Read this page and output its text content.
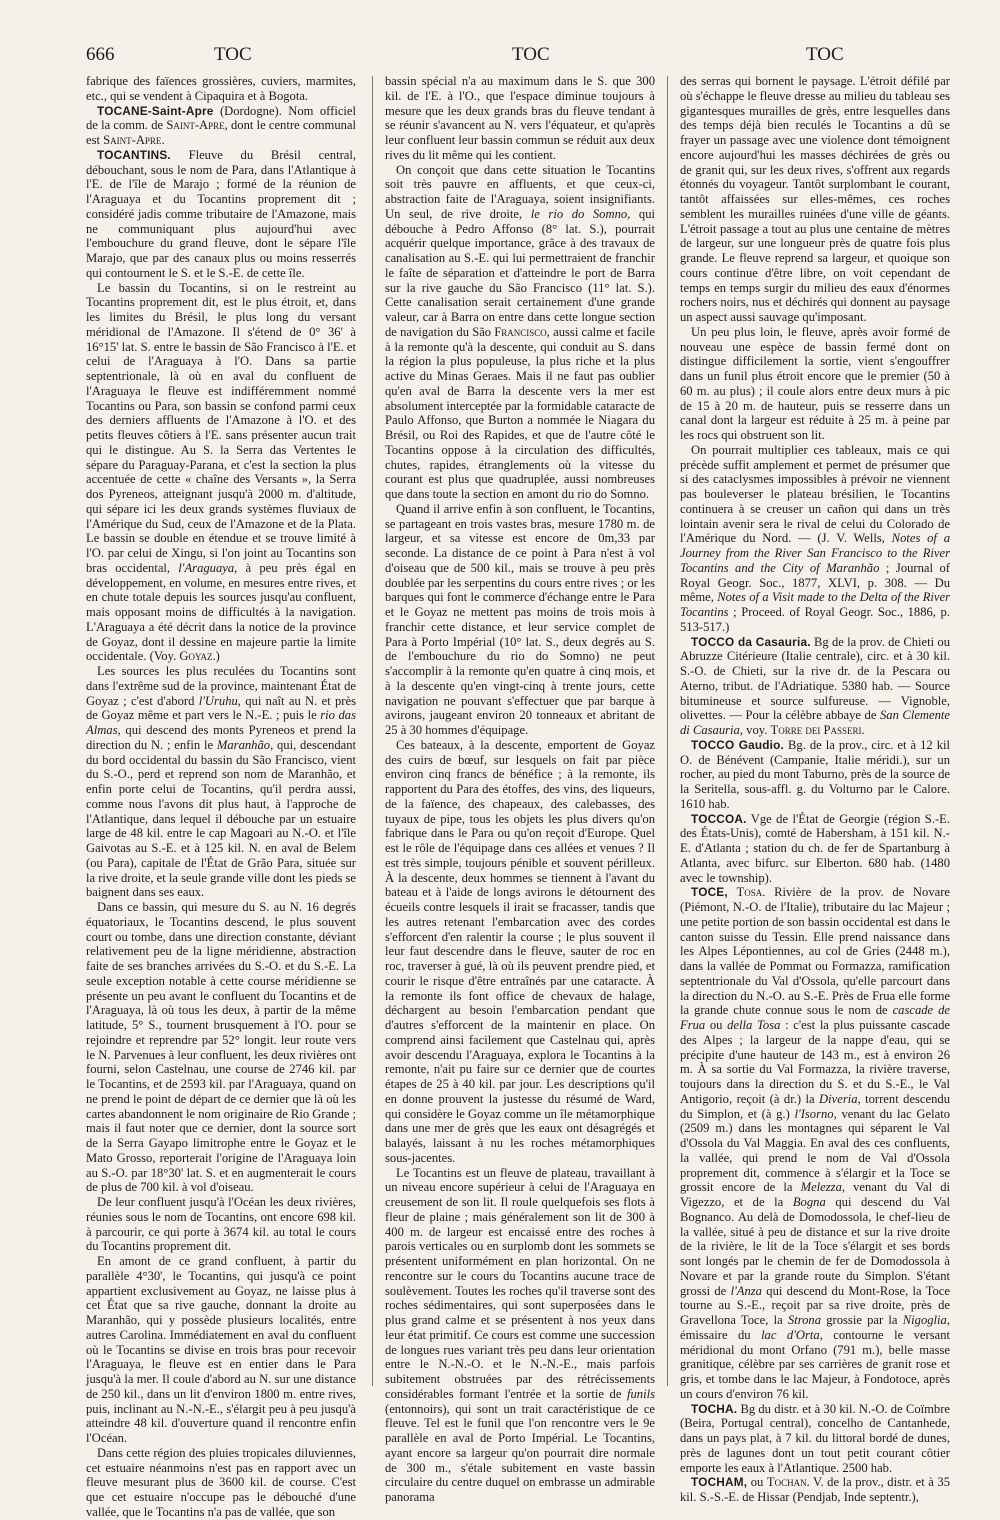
666	TOC	TOC	TOC

fabrique des faïences grossières, cuviers, marmites, etc., qui se vendent à Cipaquira et à Bogota.

TOCANE-Saint-Apre (Dordogne). Nom officiel de la comm. de Saint-Apre, dont le centre communal est Saint-Apre.

TOCANTINS. Fleuve du Brésil central, débouchant, sous le nom de Para, dans l'Atlantique à l'E. de l'île de Marajo ; formé de la réunion de l'Araguaya et du Tocantins proprement dit ; considéré jadis comme tributaire de l'Amazone, mais ne communiquant plus aujourd'hui avec l'embouchure du grand fleuve, dont le sépare l'île Marajo, que par des canaux plus ou moins resserrés qui contournent le S. et le S.-E. de cette île.

Le bassin du Tocantins, si on le restreint au Tocantins proprement dit, est le plus étroit, et, dans les limites du Brésil, le plus long du versant méridional de l'Amazone. Il s'étend de 0° 36' à 16°15' lat. S. entre le bassin de São Francisco à l'E. et celui de l'Araguaya à l'O. Dans sa partie septentrionale, là où en aval du confluent de l'Araguaya le fleuve est indifféremment nommé Tocantins ou Para, son bassin se confond parmi ceux des derniers affluents de l'Amazone à l'O. et des petits fleuves côtiers à l'E. sans présenter aucun trait qui le distingue. Au S. la Serra das Vertentes le sépare du Paraguay-Parana, et c'est la section la plus accentuée de cette « chaîne des Versants », la Serra dos Pyreneos, atteignant jusqu'à 2000 m. d'altitude, qui sépare ici les deux grands systèmes fluviaux de l'Amérique du Sud, ceux de l'Amazone et de la Plata. Le bassin se double en étendue et se trouve limité à l'O. par celui de Xingu, si l'on joint au Tocantins son bras occidental, l'Araguaya, à peu près égal en développement, en volume, en mesures entre rives, et en chute totale depuis les sources jusqu'au confluent, mais opposant moins de difficultés à la navigation. L'Araguaya a été décrit dans la notice de la province de Goyaz, dont il dessine en majeure partie la limite occidentale. (Voy. Goyaz.)

Les sources les plus reculées du Tocantins sont dans l'extrême sud de la province, maintenant État de Goyaz ; c'est d'abord l'Uruhu, qui naît au N. et près de Goyaz même et part vers le N.-E. ; puis le rio das Almas, qui descend des monts Pyreneos et prend la direction du N. ; enfin le Maranhão, qui, descendant du bord occidental du bassin du São Francisco, vient du S.-O., perd et reprend son nom de Maranhão, et enfin porte celui de Tocantins, qu'il perdra aussi, comme nous l'avons dit plus haut, à l'approche de l'Atlantique, dans lequel il débouche par un estuaire large de 48 kil. entre le cap Magoari au N.-O. et l'île Gaivotas au S.-E. et à 125 kil. N. en aval de Belem (ou Para), capitale de l'État de Grão Para, située sur la rive droite, et la seule grande ville dont les pieds se baignent dans ses eaux.

Dans ce bassin, qui mesure du S. au N. 16 degrés équatoriaux, le Tocantins descend, le plus souvent court ou tombe, dans une direction constante, déviant relativement peu de la ligne méridienne, abstraction faite de ses branches arrivées du S.-O. et du S.-E. La seule exception notable à cette course méridienne se présente un peu avant le confluent du Tocantins et de l'Araguaya, là où tous les deux, à partir de la même latitude, 5° S., tournent brusquement à l'O. pour se rejoindre et reprendre par 52° longit. leur route vers le N. Parvenues à leur confluent, les deux rivières ont fourni, selon Castelnau, une course de 2746 kil. par le Tocantins, et de 2593 kil. par l'Araguaya, quand on ne prend le point de départ de ce dernier que là où les cartes abandonnent le nom originaire de Rio Grande ; mais il faut noter que ce dernier, dont la source sort de la Serra Gayapo limitrophe entre le Goyaz et le Mato Grosso, reporterait l'origine de l'Araguaya loin au S.-O. par 18°30' lat. S. et en augmenterait le cours de plus de 700 kil. à vol d'oiseau.

De leur confluent jusqu'à l'Océan les deux rivières, réunies sous le nom de Tocantins, ont encore 698 kil. à parcourir, ce qui porte à 3674 kil. au total le cours du Tocantins proprement dit.

En amont de ce grand confluent, à partir du parallèle 4°30', le Tocantins, qui jusqu'à ce point appartient exclusivement au Goyaz, ne laisse plus à cet État que sa rive gauche, donnant la droite au Maranhão, qui y possède plusieurs localités, entre autres Carolina. Immédiatement en aval du confluent où le Tocantins se divise en trois bras pour recevoir l'Araguaya, le fleuve est en entier dans le Para jusqu'à la mer. Il coule d'abord au N. sur une distance de 250 kil., dans un lit d'environ 1800 m. entre rives, puis, inclinant au N.-N.-E., s'élargit peu à peu jusqu'à atteindre 48 kil. d'ouverture quand il rencontre enfin l'Océan.

Dans cette région des pluies tropicales diluviennes, cet estuaire néanmoins n'est pas en rapport avec un fleuve mesurant plus de 3600 kil. de course. C'est que cet estuaire n'occupe pas le débouché d'une vallée, que le Tocantins n'a pas de vallée, que son

bassin spécial n'a au maximum dans le S. que 300 kil. de l'E. à l'O., que l'espace diminue toujours à mesure que les deux grands bras du fleuve tendant à se réunir s'avancent au N. vers l'équateur, et qu'après leur confluent leur bassin commun se réduit aux deux rives du lit même qui les contient.

On conçoit que dans cette situation le Tocantins soit très pauvre en affluents, et que ceux-ci, abstraction faite de l'Araguaya, soient insignifiants. Un seul, de rive droite, le rio do Somno, qui débouche à Pedro Affonso (8° lat. S.), pourrait acquérir quelque importance, grâce à des travaux de canalisation au S.-E. qui lui permettraient de franchir le faîte de séparation et d'atteindre le port de Barra sur la rive gauche du São Francisco (11° lat. S.). Cette canalisation serait certainement d'une grande valeur, car à Barra on entre dans cette longue section de navigation du São Francisco, aussi calme et facile à la remonte qu'à la descente, qui conduit au S. dans la région la plus populeuse, la plus riche et la plus active du Minas Geraes. Mais il ne faut pas oublier qu'en aval de Barra la descente vers la mer est absolument interceptée par la formidable cataracte de Paulo Affonso, que Burton a nommée le Niagara du Brésil, ou Roi des Rapides, et que de l'autre côté le Tocantins oppose à la circulation des difficultés, chutes, rapides, étranglements où la vitesse du courant est plus que quadruplée, aussi nombreuses que dans toute la section en amont du rio do Somno.

Quand il arrive enfin à son confluent, le Tocantins, se partageant en trois vastes bras, mesure 1780 m. de largeur, et sa vitesse est encore de 0m,33 par seconde. La distance de ce point à Para n'est à vol d'oiseau que de 500 kil., mais se trouve à peu près doublée par les serpentins du cours entre rives ; or les barques qui font le commerce d'échange entre le Para et le Goyaz ne mettent pas moins de trois mois à franchir cette distance, et leur service complet de Para à Porto Impérial (10° lat. S., deux degrés au S. de l'embouchure du rio do Somno) ne peut s'accomplir à la remonte qu'en quatre à cinq mois, et à la descente qu'en vingt-cinq à trente jours, cette navigation ne pouvant s'effectuer que par barque à avirons, jaugeant environ 20 tonneaux et abritant de 25 à 30 hommes d'équipage.

Ces bateaux, à la descente, emportent de Goyaz des cuirs de bœuf, sur lesquels on fait par pièce environ cinq francs de bénéfice ; à la remonte, ils rapportent du Para des étoffes, des vins, des liqueurs, de la faïence, des chapeaux, des calebasses, des tuyaux de pipe, tous les objets les plus divers qu'on fabrique dans le Para ou qu'on reçoit d'Europe. Quel est le rôle de l'équipage dans ces allées et venues ? Il est très simple, toujours pénible et souvent périlleux. À la descente, deux hommes se tiennent à l'avant du bateau et à l'aide de longs avirons le détournent des écueils contre lesquels il irait se fracasser, tandis que les autres retenant l'embarcation avec des cordes s'efforcent d'en ralentir la course ; le plus souvent il leur faut descendre dans le fleuve, sauter de roc en roc, traverser à gué, là où ils peuvent prendre pied, et courir le risque d'être entraînés par une cataracte. À la remonte ils font office de chevaux de halage, déchargent au besoin l'embarcation pendant que d'autres s'efforcent de la maintenir en place. On comprend ainsi facilement que Castelnau qui, après avoir descendu l'Araguaya, explora le Tocantins à la remonte, n'ait pu faire sur ce dernier que de courtes étapes de 25 à 40 kil. par jour. Les descriptions qu'il en donne prouvent la justesse du résumé de Ward, qui considère le Goyaz comme un île métamorphique dans une mer de grès que les eaux ont désagrégés et balayés, laissant à nu les roches métamorphiques sous-jacentes.

Le Tocantins est un fleuve de plateau, travaillant à un niveau encore supérieur à celui de l'Araguaya en creusement de son lit. Il roule quelquefois ses flots à fleur de plaine ; mais généralement son lit de 300 à 400 m. de largeur est encaissé entre des roches à parois verticales ou en surplomb dont les sommets se présentent uniformément en plan horizontal. On ne rencontre sur le cours du Tocantins aucune trace de soulèvement. Toutes les roches qu'il traverse sont des roches sédimentaires, qui sont superposées dans le plus grand calme et se présentent à nos yeux dans leur état primitif. Ce cours est comme une succession de longues rues variant très peu dans leur orientation entre le N.-N.-O. et le N.-N.-E., mais parfois subitement obstruées par des rétrécissements considérables formant l'entrée et la sortie de funils (entonnoirs), qui sont un trait caractéristique de ce fleuve. Tel est le funil que l'on rencontre vers le 9e parallèle en aval de Porto Impérial. Le Tocantins, ayant encore sa largeur qu'on pourrait dire normale de 300 m., s'étale subitement en vaste bassin circulaire du centre duquel on embrasse un admirable panorama

des serras qui bornent le paysage. L'étroit défilé par où s'échappe le fleuve dresse au milieu du tableau ses gigantesques murailles de grès, entre lesquelles dans des temps déjà bien reculés le Tocantins a dû se frayer un passage avec une violence dont témoignent encore aujourd'hui les masses déchirées de grès ou de granit qui, sur les deux rives, s'offrent aux regards étonnés du voyageur. Tantôt surplombant le courant, tantôt affaissées sur elles-mêmes, ces roches semblent les murailles ruinées d'une ville de géants. L'étroit passage a tout au plus une centaine de mètres de largeur, sur une longueur près de quatre fois plus grande. Le fleuve reprend sa largeur, et quoique son cours continue d'être libre, on voit cependant de temps en temps surgir du milieu des eaux d'énormes rochers noirs, nus et déchirés qui donnent au paysage un aspect aussi sauvage qu'imposant.

Un peu plus loin, le fleuve, après avoir formé de nouveau une espèce de bassin fermé dont on distingue difficilement la sortie, vient s'engouffrer dans un funil plus étroit encore que le premier (50 à 60 m. au plus) ; il coule alors entre deux murs à pic de 15 à 20 m. de hauteur, puis se resserre dans un canal dont la largeur est réduite à 25 m. à peine par les rocs qui obstruent son lit.

On pourrait multiplier ces tableaux, mais ce qui précède suffit amplement et permet de présumer que si des cataclysmes impossibles à prévoir ne viennent pas bouleverser le plateau brésilien, le Tocantins continuera à se creuser un cañon qui dans un très lointain avenir sera le rival de celui du Colorado de l'Amérique du Nord. — (J. V. Wells, Notes of a Journey from the River San Francisco to the River Tocantins and the City of Maranhão ; Journal of Royal Geogr. Soc., 1877, XLVI, p. 308. — Du même, Notes of a Visit made to the Delta of the River Tocantins ; Proceed. of Royal Geogr. Soc., 1886, p. 513-517.)

TOCCO da Casauria. Bg de la prov. de Chieti ou Abruzze Citérieure (Italie centrale), circ. et à 30 kil. S.-O. de Chieti, sur la rive dr. de la Pescara ou Aterno, tribut. de l'Adriatique. 5380 hab. — Source bitumineuse et source sulfureuse. — Vignoble, olivettes. — Pour la célèbre abbaye de San Clemente di Casauria, voy. Torre dei Passeri.

TOCCO Gaudio. Bg. de la prov., circ. et à 12 kil O. de Bénévent (Campanie, Italie méridi.), sur un rocher, au pied du mont Taburno, près de la source de la Seritella, sous-affl. g. du Volturno par le Calore. 1610 hab.

TOCCOA. Vge de l'État de Georgie (région S.-E. des États-Unis), comté de Habersham, à 151 kil. N.-E. d'Atlanta ; station du ch. de fer de Spartanburg à Atlanta, avec bifurc. sur Elberton. 680 hab. (1480 avec le township).

TOCE, Tosa. Rivière de la prov. de Novare (Piémont, N.-O. de l'Italie), tributaire du lac Majeur ; une petite portion de son bassin occidental est dans le canton suisse du Tessin. Elle prend naissance dans les Alpes Lépontiennes, au col de Gries (2448 m.), dans la vallée de Pommat ou Formazza, ramification septentrionale du Val d'Ossola, qu'elle parcourt dans la direction du N.-O. au S.-E. Près de Frua elle forme la grande chute connue sous le nom de cascade de Frua ou della Tosa : c'est la plus puissante cascade des Alpes ; la largeur de la nappe d'eau, qui se précipite d'une hauteur de 143 m., est à environ 26 m. À sa sortie du Val Formazza, la rivière traverse, toujours dans la direction du S. et du S.-E., le Val Antigorio, reçoit (à dr.) la Diveria, torrent descendu du Simplon, et (à g.) l'Isorno, venant du lac Gelato (2509 m.) dans les montagnes qui séparent le Val d'Ossola du Val Maggia. En aval des ces confluents, la vallée, qui prend le nom de Val d'Ossola proprement dit, commence à s'élargir et la Toce se grossit encore de la Melezza, venant du Val di Vigezzo, et de la Bogna qui descend du Val Bognanco. Au delà de Domodossola, le chef-lieu de la vallée, situé à peu de distance et sur la rive droite de la rivière, le lit de la Toce s'élargit et ses bords sont longés par le chemin de fer de Domodossola à Novare et par la grande route du Simplon. S'étant grossi de l'Anza qui descend du Mont-Rose, la Toce tourne au S.-E., reçoit par sa rive droite, près de Gravellona Toce, la Strona grossie par la Nigoglia, émissaire du lac d'Orta, contourne le versant méridional du mont Orfano (791 m.), belle masse granitique, célèbre par ses carrières de granit rose et gris, et tombe dans le lac Majeur, à Fondotoce, après un cours d'environ 76 kil.

TOCHA. Bg du distr. et à 30 kil. N.-O. de Coïmbre (Beira, Portugal central), concelho de Cantanhede, dans un pays plat, à 7 kil. du littoral bordé de dunes, près de lagunes dont un tout petit courant côtier emporte les eaux à l'Atlantique. 2500 hab.

TOCHAM, ou Tochan. V. de la prov., distr. et à 35 kil. S.-S.-E. de Hissar (Pendjab, Inde septentr.),
